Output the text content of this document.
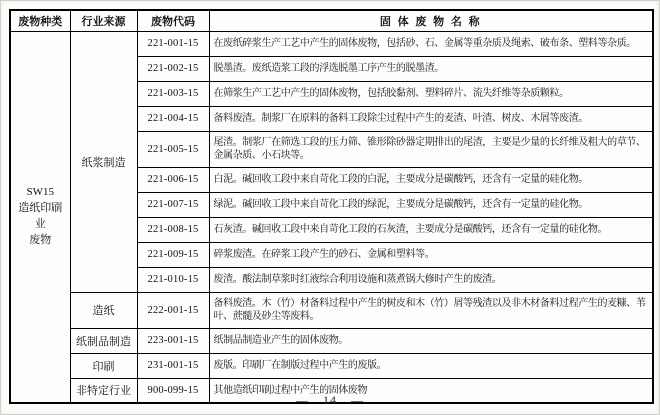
废物种类	行业来源	废物代码	固 体 废 物 名 称

SW15
造纸印刷业
废物	纸浆制造	221-001-15	在废纸碎浆生产工艺中产生的固体废物，包括砂、石、金属等重杂质及绳索、破布条、塑料等杂质。
		221-002-15	脱墨渣。废纸造浆工段的浮选脱墨工序产生的脱墨渣。
		221-003-15	在筛浆生产工艺中产生的固体废物，包括胶黏剂、塑料碎片、流失纤维等杂质颗粒。
		221-004-15	备料废渣。制浆厂在原料的备料工段除尘过程中产生的麦渣、叶渣、树皮、木屑等废渣。
		221-005-15	尾渣。制浆厂在筛选工段的压力筛、锥形除砂器定期排出的尾渣，主要是少量的长纤维及粗大的草节、金属杂质、小石块等。
		221-006-15	白泥。碱回收工段中来自苛化工段的白泥，主要成分是碳酸钙，还含有一定量的硅化物。
		221-007-15	绿泥。碱回收工段中来自苛化工段的绿泥，主要成分是碳酸钙，还含有一定量的硅化物。
		221-008-15	石灰渣。碱回收工段中来自苛化工段的石灰渣，主要成分是碳酸钙，还含有一定量的硅化物。
		221-009-15	碎浆废渣。在碎浆工段产生的砂石、金属和塑料等。
		221-010-15	废渣。酸法制草浆时红液综合利用设施和蒸煮锅大修时产生的废渣。
	造纸	222-001-15	备料废渣。木（竹）材备料过程中产生的树皮和木（竹）屑等残渣以及非木材备料过程产生的麦糠、苇叶、蔗髓及砂尘等废料。
	纸制品制造	223-001-15	纸制品制造业产生的固体废物。
	印刷	231-001-15	废版。印刷厂在制版过程中产生的废版。
	非特定行业	900-099-15	其他造纸印刷过程中产生的固体废物
— 14 —
